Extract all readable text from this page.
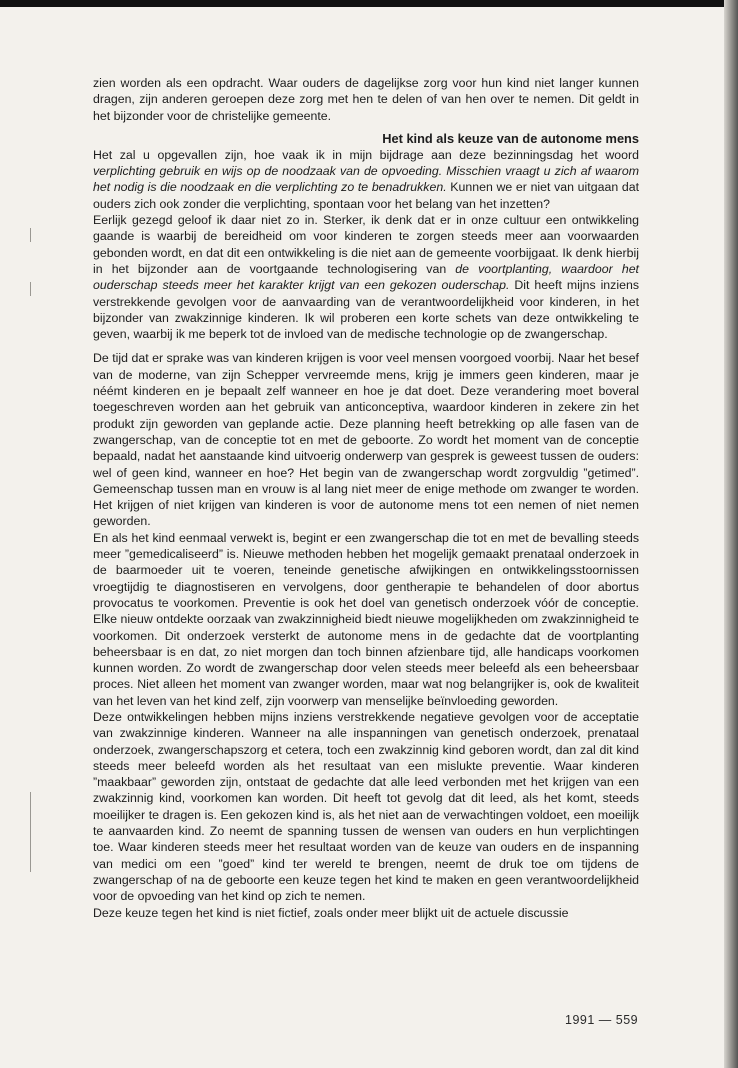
zien worden als een opdracht. Waar ouders de dagelijkse zorg voor hun kind niet langer kunnen dragen, zijn anderen geroepen deze zorg met hen te delen of van hen over te nemen. Dit geldt in het bijzonder voor de christelijke gemeente.

Het kind als keuze van de autonome mens

Het zal u opgevallen zijn, hoe vaak ik in mijn bijdrage aan deze bezinningsdag het woord verplichting gebruik en wijs op de noodzaak van de opvoeding. Misschien vraagt u zich af waarom het nodig is die noodzaak en die verplichting zo te benadrukken. Kunnen we er niet van uitgaan dat ouders zich ook zonder die verplichting, spontaan voor het belang van het inzetten?

Eerlijk gezegd geloof ik daar niet zo in. Sterker, ik denk dat er in onze cultuur een ontwikkeling gaande is waarbij de bereidheid om voor kinderen te zorgen steeds meer aan voorwaarden gebonden wordt, en dat dit een ontwikkeling is die niet aan de gemeente voorbijgaat. Ik denk hierbij in het bijzonder aan de voortgaande technologisering van de voortplanting, waardoor het ouderschap steeds meer het karakter krijgt van een gekozen ouderschap. Dit heeft mijns inziens verstrekkende gevolgen voor de aanvaarding van de verantwoordelijkheid voor kinderen, in het bijzonder van zwakzinnige kinderen. Ik wil proberen een korte schets van deze ontwikkeling te geven, waarbij ik me beperk tot de invloed van de medische technologie op de zwangerschap.

De tijd dat er sprake was van kinderen krijgen is voor veel mensen voorgoed voorbij. Naar het besef van de moderne, van zijn Schepper vervreemde mens, krijg je immers geen kinderen, maar je néémt kinderen en je bepaalt zelf wanneer en hoe je dat doet. Deze verandering moet boveral toegeschreven worden aan het gebruik van anticonceptiva, waardoor kinderen in zekere zin het produkt zijn geworden van geplande actie. Deze planning heeft betrekking op alle fasen van de zwangerschap, van de conceptie tot en met de geboorte. Zo wordt het moment van de conceptie bepaald, nadat het aanstaande kind uitvoerig onderwerp van gesprek is geweest tussen de ouders: wel of geen kind, wanneer en hoe? Het begin van de zwangerschap wordt zorgvuldig ”getimed”. Gemeenschap tussen man en vrouw is al lang niet meer de enige methode om zwanger te worden. Het krijgen of niet krijgen van kinderen is voor de autonome mens tot een nemen of niet nemen geworden.

En als het kind eenmaal verwekt is, begint er een zwangerschap die tot en met de bevalling steeds meer ”gemedicaliseerd” is. Nieuwe methoden hebben het mogelijk gemaakt prenataal onderzoek in de baarmoeder uit te voeren, teneinde genetische afwijkingen en ontwikkelingsstoornissen vroegtijdig te diagnostiseren en vervolgens, door gentherapie te behandelen of door abortus provocatus te voorkomen. Preventie is ook het doel van genetisch onderzoek vóór de conceptie. Elke nieuw ontdekte oorzaak van zwakzinnigheid biedt nieuwe mogelijkheden om zwakzinnigheid te voorkomen. Dit onderzoek versterkt de autonome mens in de gedachte dat de voortplanting beheersbaar is en dat, zo niet morgen dan toch binnen afzienbare tijd, alle handicaps voorkomen kunnen worden. Zo wordt de zwangerschap door velen steeds meer beleefd als een beheersbaar proces. Niet alleen het moment van zwanger worden, maar wat nog belangrijker is, ook de kwaliteit van het leven van het kind zelf, zijn voorwerp van menselijke beïnvloeding geworden.

Deze ontwikkelingen hebben mijns inziens verstrekkende negatieve gevolgen voor de acceptatie van zwakzinnige kinderen. Wanneer na alle inspanningen van genetisch onderzoek, prenataal onderzoek, zwangerschapszorg et cetera, toch een zwakzinnig kind geboren wordt, dan zal dit kind steeds meer beleefd worden als het resultaat van een mislukte preventie. Waar kinderen ”maakbaar” geworden zijn, ontstaat de gedachte dat alle leed verbonden met het krijgen van een zwakzinnig kind, voorkomen kan worden. Dit heeft tot gevolg dat dit leed, als het komt, steeds moeilijker te dragen is. Een gekozen kind is, als het niet aan de verwachtingen voldoet, een moeilijk te aanvaarden kind. Zo neemt de spanning tussen de wensen van ouders en hun verplichtingen toe. Waar kinderen steeds meer het resultaat worden van de keuze van ouders en de inspanning van medici om een ”goed” kind ter wereld te brengen, neemt de druk toe om tijdens de zwangerschap of na de geboorte een keuze tegen het kind te maken en geen verantwoordelijkheid voor de opvoeding van het kind op zich te nemen.

Deze keuze tegen het kind is niet fictief, zoals onder meer blijkt uit de actuele discussie

1991 — 559
